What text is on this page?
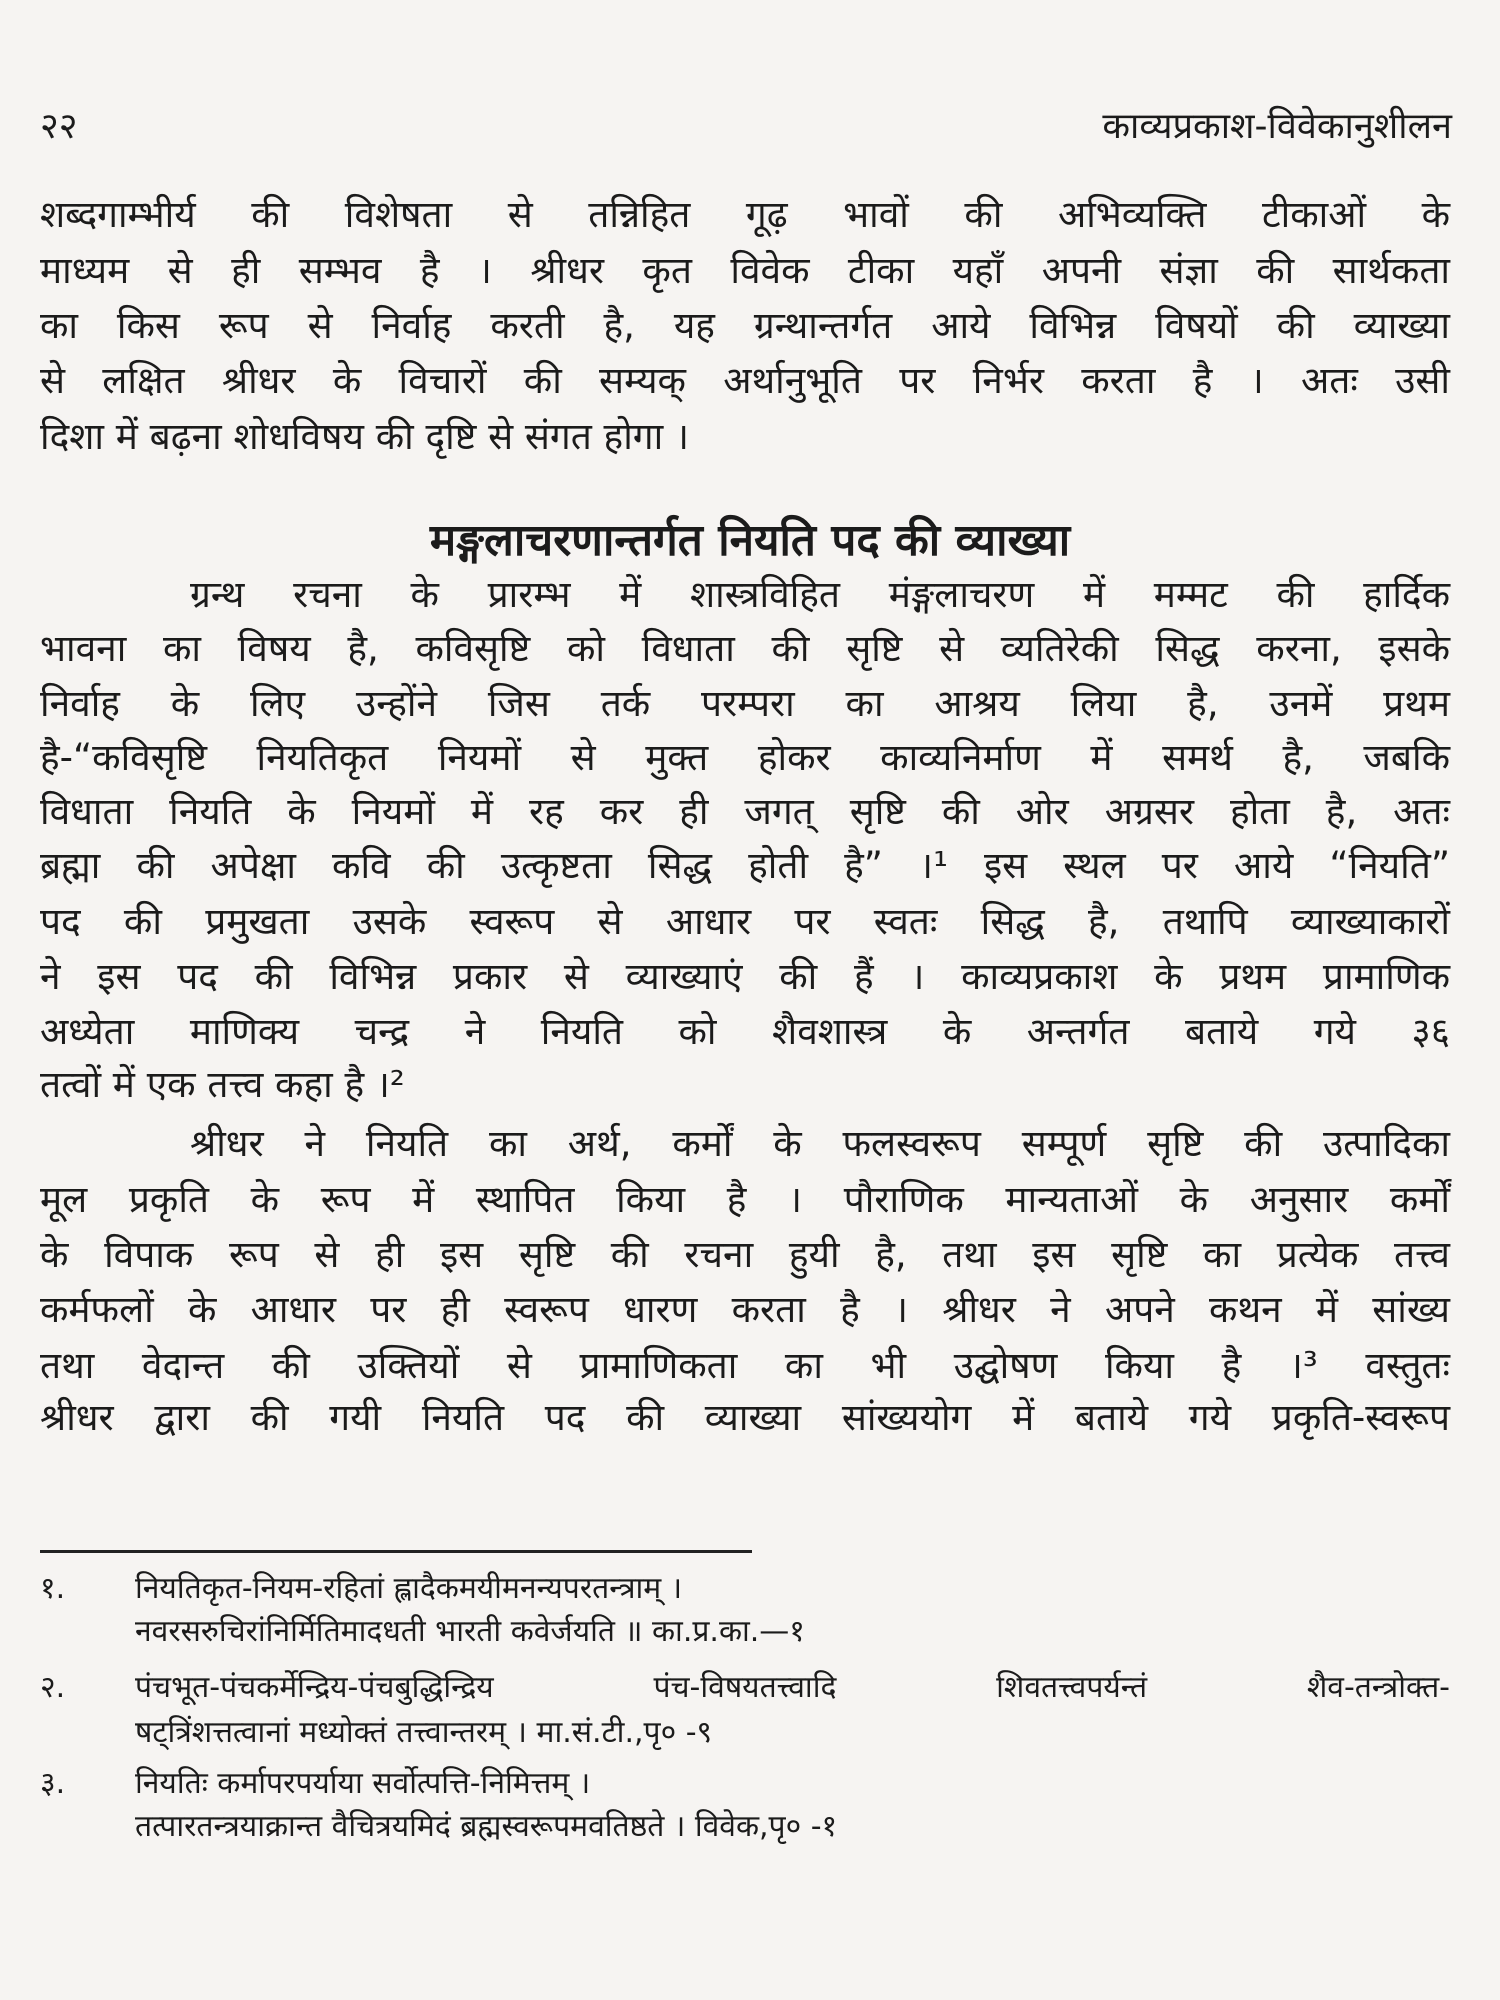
२२	काव्यप्रकाश-विवेकानुशीलन
मङ्गलाचरणान्तर्गत नियति पद की व्याख्या
शब्दगाम्भीर्य की विशेषता से तन्निहित गूढ़ भावों की अभिव्यक्ति टीकाओं के
माध्यम से ही सम्भव है । श्रीधर कृत विवेक टीका यहाँ अपनी संज्ञा की सार्थकता
का किस रूप से निर्वाह करती है, यह ग्रन्थान्तर्गत आये विभिन्न विषयों की व्याख्या
से लक्षित श्रीधर के विचारों की सम्यक् अर्थानुभूति पर निर्भर करता है । अतः उसी
दिशा में बढ़ना शोधविषय की दृष्टि से संगत होगा ।
ग्रन्थ रचना के प्रारम्भ में शास्त्रविहित मंङ्गलाचरण में मम्मट की हार्दिक
भावना का विषय है, कविसृष्टि को विधाता की सृष्टि से व्यतिरेकी सिद्ध करना, इसके
निर्वाह के लिए उन्होंने जिस तर्क परम्परा का आश्रय लिया है, उनमें प्रथम
है-“कविसृष्टि नियतिकृत नियमों से मुक्त होकर काव्यनिर्माण में समर्थ है, जबकि
विधाता नियति के नियमों में रह कर ही जगत् सृष्टि की ओर अग्रसर होता है, अतः
ब्रह्मा की अपेक्षा कवि की उत्कृष्टता सिद्ध होती है” ।¹ इस स्थल पर आये “नियति”
पद की प्रमुखता उसके स्वरूप से आधार पर स्वतः सिद्ध है, तथापि व्याख्याकारों
ने इस पद की विभिन्न प्रकार से व्याख्याएं की हैं । काव्यप्रकाश के प्रथम प्रामाणिक
अध्येता माणिक्य चन्द्र ने नियति को शैवशास्त्र के अन्तर्गत बताये गये ३६
तत्वों में एक तत्त्व कहा है ।²
श्रीधर ने नियति का अर्थ, कर्मों के फलस्वरूप सम्पूर्ण सृष्टि की उत्पादिका
मूल प्रकृति के रूप में स्थापित किया है । पौराणिक मान्यताओं के अनुसार कर्मों
के विपाक रूप से ही इस सृष्टि की रचना हुयी है, तथा इस सृष्टि का प्रत्येक तत्त्व
कर्मफलों के आधार पर ही स्वरूप धारण करता है । श्रीधर ने अपने कथन में सांख्य
तथा वेदान्त की उक्तियों से प्रामाणिकता का भी उद्घोषण किया है ।³ वस्तुतः
श्रीधर द्वारा की गयी नियति पद की व्याख्या सांख्ययोग में बताये गये प्रकृति-स्वरूप
१. नियतिकृत-नियम-रहितां ह्लादैकमयीमनन्यपरतन्त्राम् ।
नवरसरुचिरांनिर्मितिमादधती भारती कवेर्जयति ॥ का.प्र.का.—१
२. पंचभूत-पंचकर्मेन्द्रिय-पंचबुद्धिन्द्रिय पंच-विषयतत्त्वादि शिवतत्त्वपर्यन्तं शैव-तन्त्रोक्त-
षट्त्रिंशत्तत्वानां मध्योक्तं तत्त्वान्तरम् । मा.सं.टी.,पृ० -९
३. नियतिः कर्मापरपर्याया सर्वोत्पत्ति-निमित्तम् ।
तत्पारतन्त्रयाक्रान्त वैचित्रयमिदं ब्रह्मस्वरूपमवतिष्ठते । विवेक,पृ० -१
